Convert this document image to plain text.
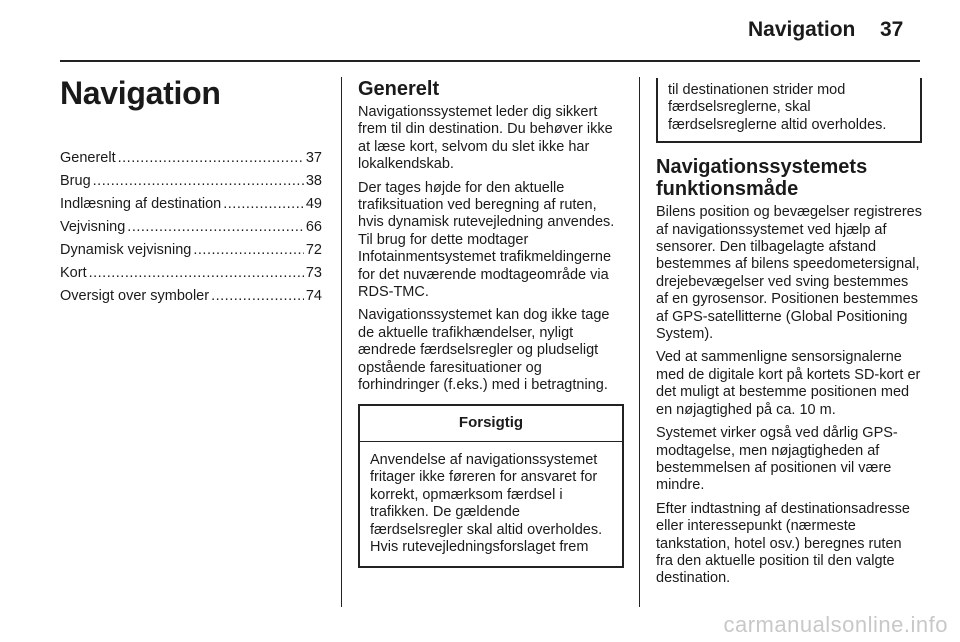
Navigation 37
Navigation
Generelt .....	37
Brug .....	38
Indlæsning af destination .....	49
Vejvisning .....	66
Dynamisk vejvisning .....	72
Kort .....	73
Oversigt over symboler .....	74
Generelt

Navigationssystemet leder dig sikkert frem til din destination. Du behøver ikke at læse kort, selvom du slet ikke har lokalkendskab.

Der tages højde for den aktuelle trafiksituation ved beregning af ruten, hvis dynamisk rutevejledning anvendes. Til brug for dette modtager Infotainmentsystemet trafikmeldingerne for det nuværende modtageområde via RDS-TMC.

Navigationssystemet kan dog ikke tage de aktuelle trafikhændelser, nyligt ændrede færdselsregler og pludseligt opstående faresituationer og forhindringer (f.eks.) med i betragtning.

Forsigtig
Anvendelse af navigationssystemet fritager ikke føreren for ansvaret for korrekt, opmærksom færdsel i trafikken. De gældende færdselsregler skal altid overholdes. Hvis rutevejledningsforslaget frem
til destinationen strider mod færdselsreglerne, skal færdselsreglerne altid overholdes.
Navigationssystemets funktionsmåde

Bilens position og bevægelser registreres af navigationssystemet ved hjælp af sensorer. Den tilbagelagte afstand bestemmes af bilens speedometersignal, drejebevægelser ved sving bestemmes af en gyrosensor. Positionen bestemmes af GPS-satellitterne (Global Positioning System).

Ved at sammenligne sensorsignalerne med de digitale kort på kortets SD-kort er det muligt at bestemme positionen med en nøjagtighed på ca. 10 m.

Systemet virker også ved dårlig GPS-modtagelse, men nøjagtigheden af bestemmelsen af positionen vil være mindre.

Efter indtastning af destinationsadresse eller interessepunkt (nærmeste tankstation, hotel osv.) beregnes ruten fra den aktuelle position til den valgte destination.

carmanualsonline.info
